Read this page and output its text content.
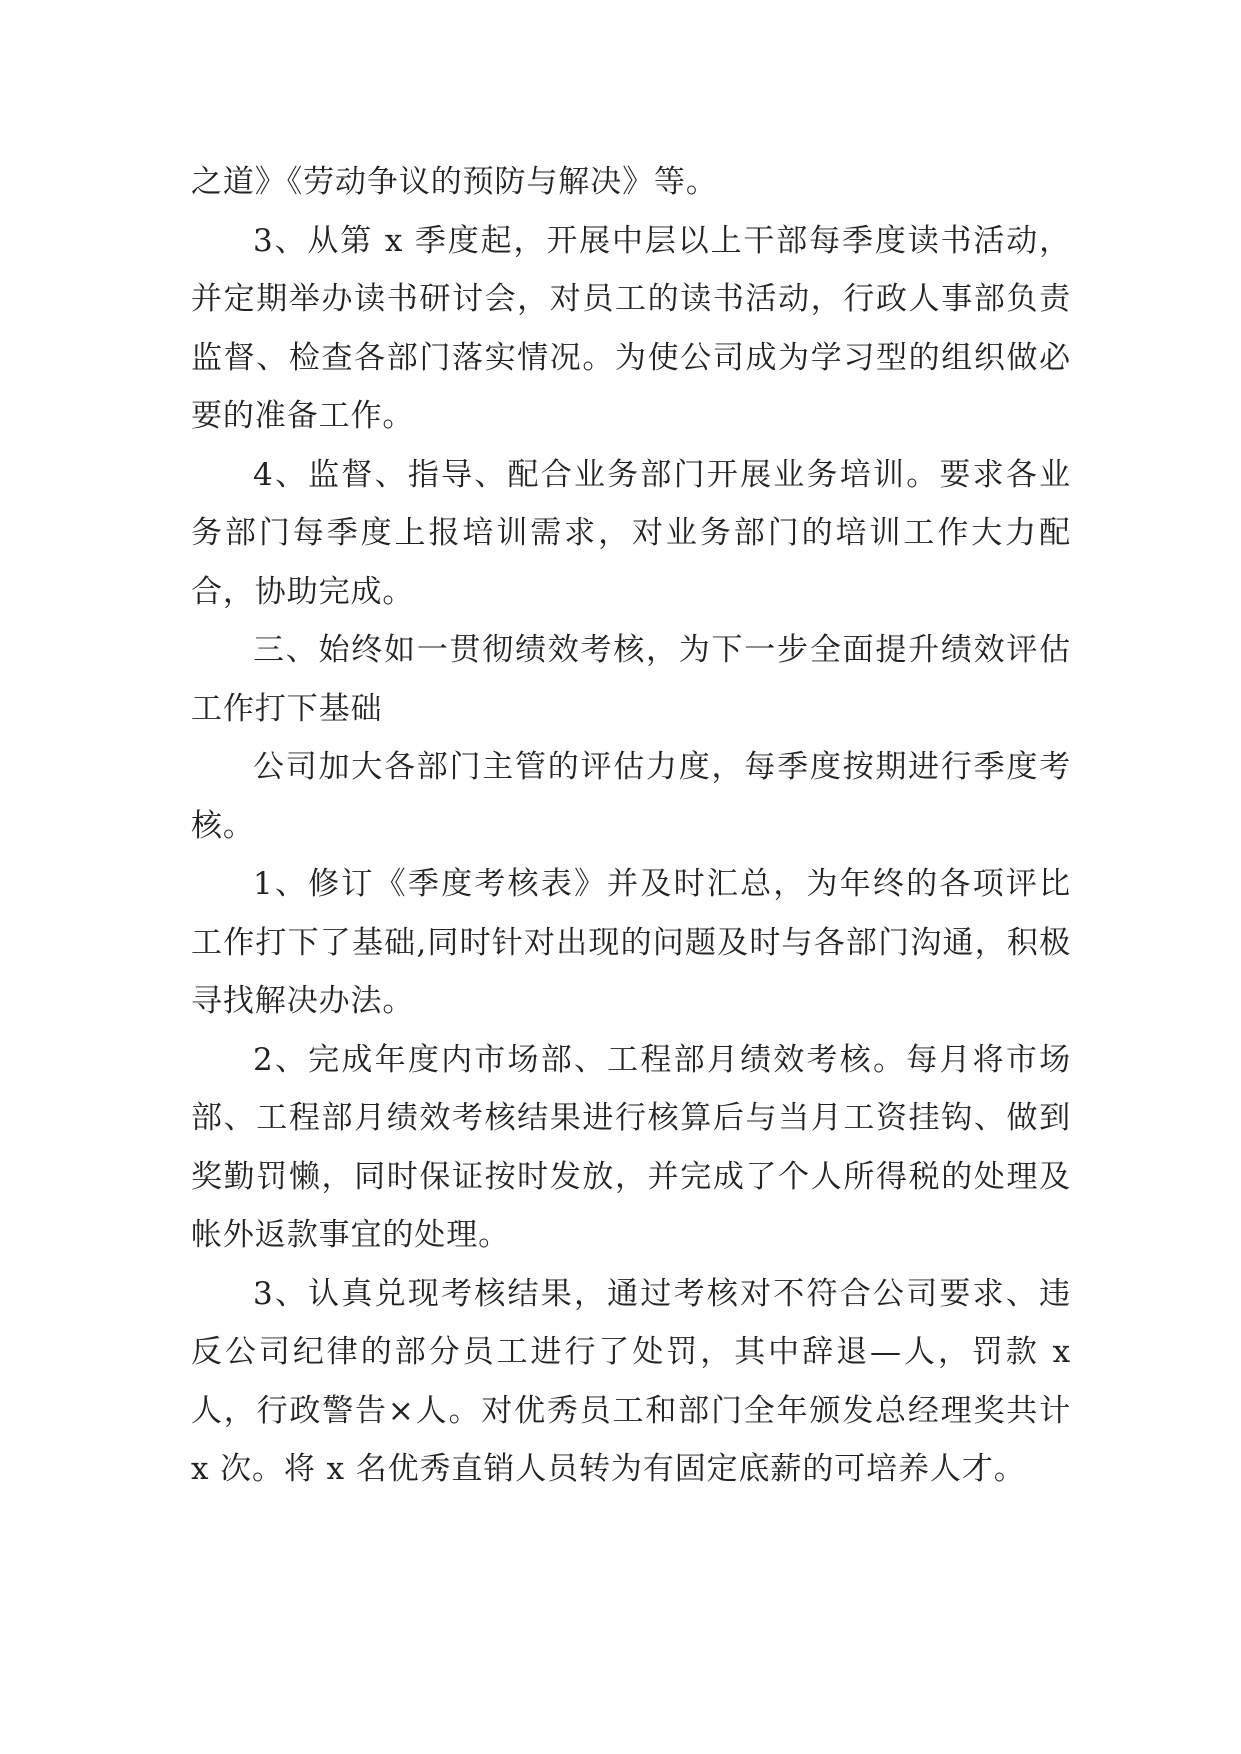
之道》《劳动争议的预防与解决》等。

3、从第 x 季度起，开展中层以上干部每季度读书活动，并定期举办读书研讨会，对员工的读书活动，行政人事部负责监督、检查各部门落实情况。为使公司成为学习型的组织做必要的准备工作。

4、监督、指导、配合业务部门开展业务培训。要求各业务部门每季度上报培训需求，对业务部门的培训工作大力配合，协助完成。

三、始终如一贯彻绩效考核，为下一步全面提升绩效评估工作打下基础

公司加大各部门主管的评估力度，每季度按期进行季度考核。

1、修订《季度考核表》并及时汇总，为年终的各项评比工作打下了基础,同时针对出现的问题及时与各部门沟通，积极寻找解决办法。

2、完成年度内市场部、工程部月绩效考核。每月将市场部、工程部月绩效考核结果进行核算后与当月工资挂钩、做到奖勤罚懒，同时保证按时发放，并完成了个人所得税的处理及帐外返款事宜的处理。

3、认真兑现考核结果，通过考核对不符合公司要求、违反公司纪律的部分员工进行了处罚，其中辞退—人，罚款 x 人，行政警告×人。对优秀员工和部门全年颁发总经理奖共计 x 次。将 x 名优秀直销人员转为有固定底薪的可培养人才。
